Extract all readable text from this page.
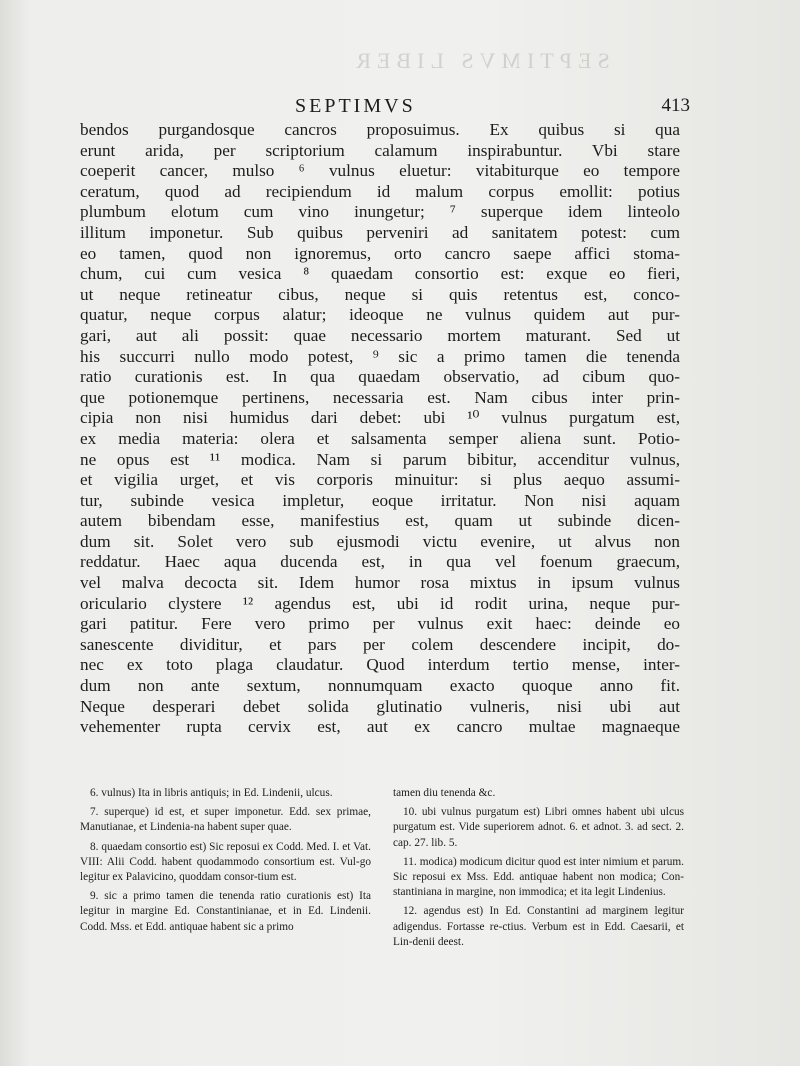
SEPTIMVS LIBER
SEPTIMVS	413
bendos purgandosque cancros proposuimus. Ex quibus si qua
erunt arida, per scriptorium calamum inspirabuntur. Vbi stare
coeperit cancer, mulso ⁶ vulnus eluetur: vitabiturque eo tempore
ceratum, quod ad recipiendum id malum corpus emollit: potius
plumbum elotum cum vino inungetur; ⁷ superque idem linteolo
illitum imponetur. Sub quibus perveniri ad sanitatem potest: cum
eo tamen, quod non ignoremus, orto cancro saepe affici stoma-
chum, cui cum vesica ⁸ quaedam consortio est: exque eo fieri,
ut neque retineatur cibus, neque si quis retentus est, conco-
quatur, neque corpus alatur; ideoque ne vulnus quidem aut pur-
gari, aut ali possit: quae necessario mortem maturant. Sed ut
his succurri nullo modo potest, ⁹ sic a primo tamen die tenenda
ratio curationis est. In qua quaedam observatio, ad cibum quo-
que potionemque pertinens, necessaria est. Nam cibus inter prin-
cipia non nisi humidus dari debet: ubi ¹⁰ vulnus purgatum est,
ex media materia: olera et salsamenta semper aliena sunt. Potio-
ne opus est ¹¹ modica. Nam si parum bibitur, accenditur vulnus,
et vigilia urget, et vis corporis minuitur: si plus aequo assumi-
tur, subinde vesica impletur, eoque irritatur. Non nisi aquam
autem bibendam esse, manifestius est, quam ut subinde dicen-
dum sit. Solet vero sub ejusmodi victu evenire, ut alvus non
reddatur. Haec aqua ducenda est, in qua vel foenum graecum,
vel malva decocta sit. Idem humor rosa mixtus in ipsum vulnus
oriculario clystere ¹² agendus est, ubi id rodit urina, neque pur-
gari patitur. Fere vero primo per vulnus exit haec: deinde eo
sanescente dividitur, et pars per colem descendere incipit, do-
nec ex toto plaga claudatur. Quod interdum tertio mense, inter-
dum non ante sextum, nonnumquam exacto quoque anno fit.
Neque desperari debet solida glutinatio vulneris, nisi ubi aut
vehementer rupta cervix est, aut ex cancro multae magnaeque

6. vulnus) Ita in libris antiquis; in Ed. Lindenii, ulcus.

7. superque) id est, et super imponetur. Edd. sex primae, Manutianae, et Lindenia-na habent super quae.

8. quaedam consortio est) Sic reposui ex Codd. Med. I. et Vat. VIII: Alii Codd. habent quodammodo consortium est. Vul-go legitur ex Palavicino, quoddam consor-tium est.

9. sic a primo tamen die tenenda ratio curationis est) Ita legitur in margine Ed. Constantinianae, et in Ed. Lindenii. Codd. Mss. et Edd. antiquae habent sic a primo

tamen diu tenenda &c.

10. ubi vulnus purgatum est) Libri omnes habent ubi ulcus purgatum est. Vide superiorem adnot. 6. et adnot. 3. ad sect. 2. cap. 27. lib. 5.

11. modica) modicum dicitur quod est inter nimium et parum. Sic reposui ex Mss. Edd. antiquae habent non modica; Con-stantiniana in margine, non immodica; et ita legit Lindenius.

12. agendus est) In Ed. Constantini ad marginem legitur adigendus. Fortasse re-ctius. Verbum est in Edd. Caesarii, et Lin-denii deest.
